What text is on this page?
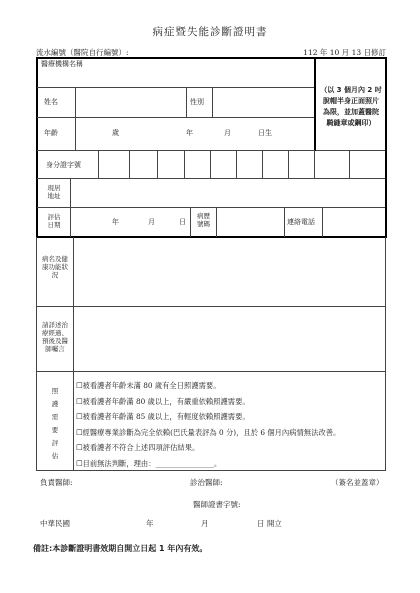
病症暨失能診斷證明書
流水編號（醫院自行編號）:	112 年 10 月 13 日修訂
醫療機構名稱
姓名	性別
年齡	歲	年	月	日生
（以 3 個月內 2 吋
脫帽半身正面照片
為限，並加蓋醫院
騎縫章或鋼印）
身分證字號
現居
地址
評估
日期	年	月	日
病歷
號碼	連絡電話
病名及健
康功能狀
況
請詳述治
療經過、
預後及醫
師囑言
照
護
需
要
評
估
☐被看護者年齡未滿 80 歲有全日照護需要。
☐被看護者年齡滿 80 歲以上，有嚴重依賴照護需要。
☐被看護者年齡滿 85 歲以上，有輕度依賴照護需要。
☐經醫療專業診斷為完全依賴(巴氏量表評為 0 分)，且於 6 個月內病情無法改善。
☐被看護者不符合上述四項評估結果。
☐目前無法判斷，理由：________________。
負責醫師:	診治醫師:	（簽名並蓋章）
醫師證書字號:
中華民國	年	月	日 開立
備註:本診斷證明書效期自開立日起 1 年內有效。
